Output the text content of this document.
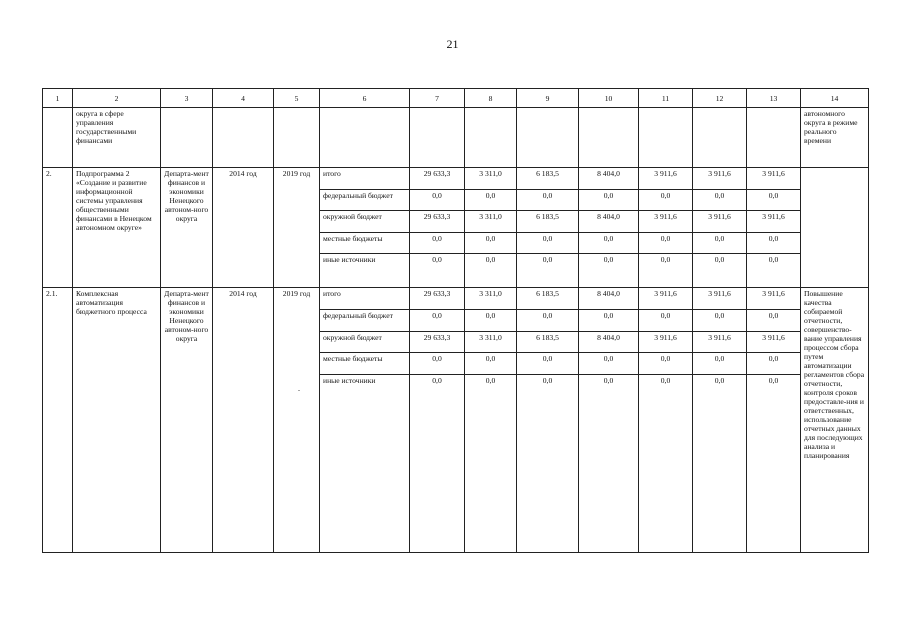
21
1	2	3	4	5	6	7	8	9	10	11	12	13	14
	округа в сфере управления государственными финансами												автономного округа в режиме реального времени
2.	Подпрограмма 2 «Создание и развитие информационной системы управления общественными финансами в Ненецком автономном округе»	Департа-мент финансов и экономики Ненецкого автоном-ного округа	2014 год	2019 год	итого	29 633,3	3 311,0	6 183,5	8 404,0	3 911,6	3 911,6	3 911,6	
					федеральный бюджет	0,0	0,0	0,0	0,0	0,0	0,0	0,0	
					окружной бюджет	29 633,3	3 311,0	6 183,5	8 404,0	3 911,6	3 911,6	3 911,6	
					местные бюджеты	0,0	0,0	0,0	0,0	0,0	0,0	0,0	
					иные источники	0,0	0,0	0,0	0,0	0,0	0,0	0,0	
2.1.	Комплексная автоматизация бюджетного процесса	Департа-мент финансов и экономики Ненецкого автоном-ного округа	2014 год	2019 год	итого	29 633,3	3 311,0	6 183,5	8 404,0	3 911,6	3 911,6	3 911,6	Повышение качества собираемой отчетности, совершенство-вание управления процессом сбора путем автоматизации регламентов сбора отчетности, контроля сроков предоставле-ния и ответственных, использование отчетных данных для последующих анализа и планирования
					федеральный бюджет	0,0	0,0	0,0	0,0	0,0	0,0	0,0	
					окружной бюджет	29 633,3	3 311,0	6 183,5	8 404,0	3 911,6	3 911,6	3 911,6	
					местные бюджеты	0,0	0,0	0,0	0,0	0,0	0,0	0,0	
					иные источники	0,0	0,0	0,0	0,0	0,0	0,0	0,0	
.
